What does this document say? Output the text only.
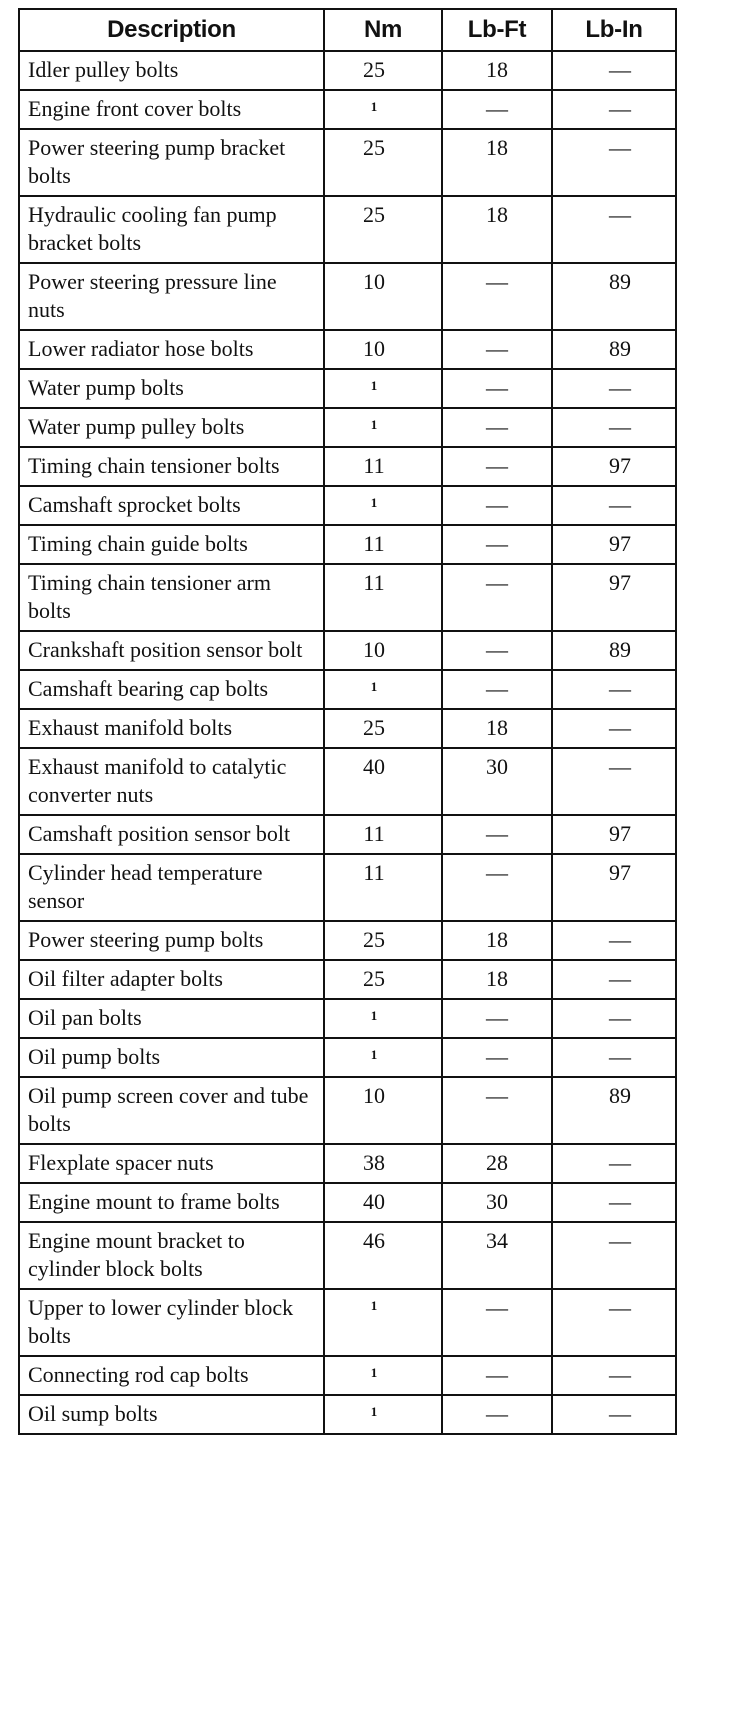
Description	Nm	Lb-Ft	Lb-In
Idler pulley bolts	25	18	—
Engine front cover bolts	$^1$	—	—
Power steering pump bracket bolts	25	18	—
Hydraulic cooling fan pump bracket bolts	25	18	—
Power steering pressure line nuts	10	—	89
Lower radiator hose bolts	10	—	89
Water pump bolts	$^1$	—	—
Water pump pulley bolts	$^1$	—	—
Timing chain tensioner bolts	11	—	97
Camshaft sprocket bolts	$^1$	—	—
Timing chain guide bolts	11	—	97
Timing chain tensioner arm bolts	11	—	97
Crankshaft position sensor bolt	10	—	89
Camshaft bearing cap bolts	$^1$	—	—
Exhaust manifold bolts	25	18	—
Exhaust manifold to catalytic converter nuts	40	30	—
Camshaft position sensor bolt	11	—	97
Cylinder head temperature sensor	11	—	97
Power steering pump bolts	25	18	—
Oil filter adapter bolts	25	18	—
Oil pan bolts	$^1$	—	—
Oil pump bolts	$^1$	—	—
Oil pump screen cover and tube bolts	10	—	89
Flexplate spacer nuts	38	28	—
Engine mount to frame bolts	40	30	—
Engine mount bracket to cylinder block bolts	46	34	—
Upper to lower cylinder block bolts	$^1$	—	—
Connecting rod cap bolts	$^1$	—	—
Oil sump bolts	$^1$	—	—
